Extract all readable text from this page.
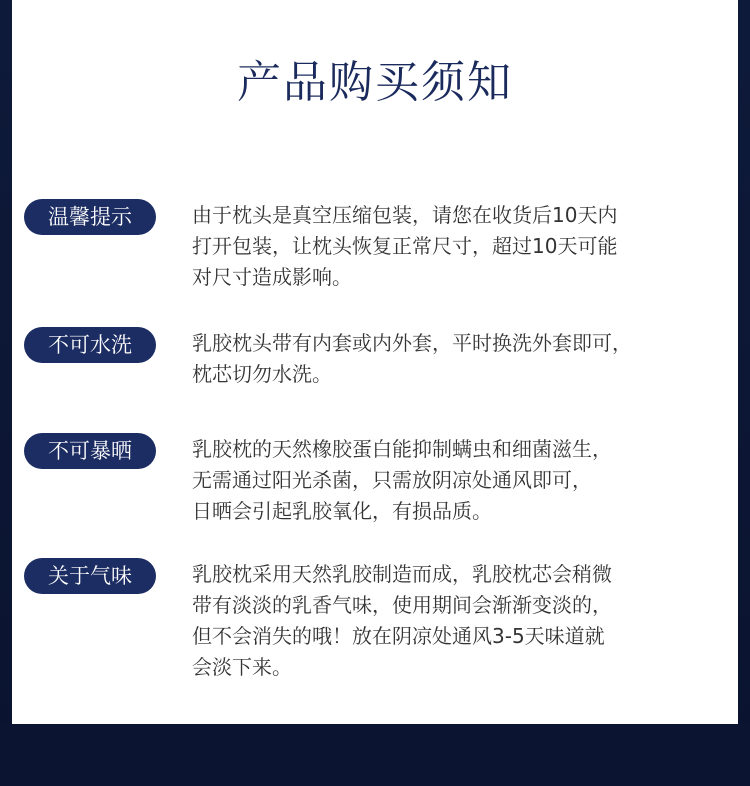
产品购买须知
温馨提示	由于枕头是真空压缩包装，请您在收货后10天内
打开包装，让枕头恢复正常尺寸，超过10天可能
对尺寸造成影响。
不可水洗	乳胶枕头带有内套或内外套，平时换洗外套即可，
枕芯切勿水洗。
不可暴晒	乳胶枕的天然橡胶蛋白能抑制螨虫和细菌滋生，
无需通过阳光杀菌，只需放阴凉处通风即可，
日晒会引起乳胶氧化，有损品质。
关于气味	乳胶枕采用天然乳胶制造而成，乳胶枕芯会稍微
带有淡淡的乳香气味，使用期间会渐渐变淡的，
但不会消失的哦！放在阴凉处通风3-5天味道就
会淡下来。
